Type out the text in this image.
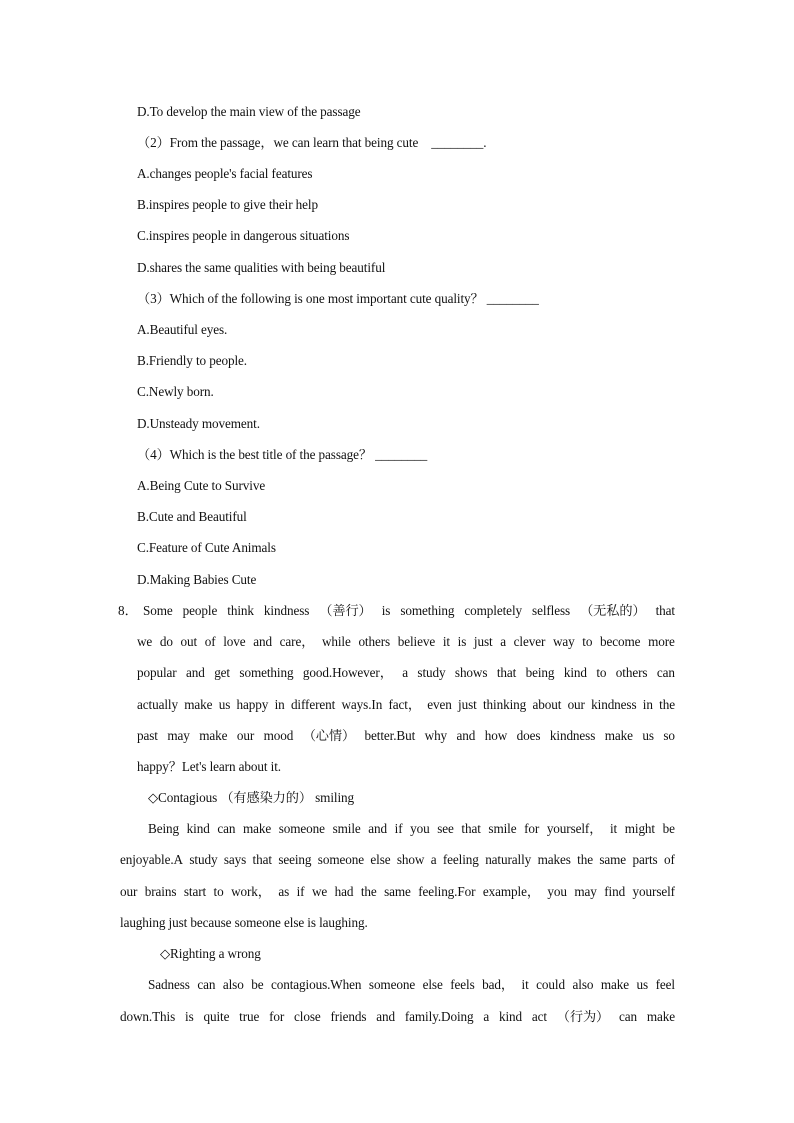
D.To develop the main view of the passage
（2）From the passage，we can learn that being cute　________.
A.changes people's facial features
B.inspires people to give their help
C.inspires people in dangerous situations
D.shares the same qualities with being beautiful
（3）Which of the following is one most important cute quality？ ________
A.Beautiful eyes.
B.Friendly to people.
C.Newly born.
D.Unsteady movement.
（4）Which is the best title of the passage？ ________
A.Being Cute to Survive
B.Cute and Beautiful
C.Feature of Cute Animals
D.Making Babies Cute
8． Some people think kindness （善行） is something completely selfless （无私的） that
we do out of love and care， while others believe it is just a clever way to become more
popular and get something good.However， a study shows that being kind to others can
actually make us happy in different ways.In fact， even just thinking about our kindness in the
past may make our mood （心情） better.But why and how does kindness make us so
happy？Let's learn about it.
◇Contagious （有感染力的） smiling
Being kind can make someone smile and if you see that smile for yourself， it might be
enjoyable.A study says that seeing someone else show a feeling naturally makes the same parts of
our brains start to work， as if we had the same feeling.For example， you may find yourself
laughing just because someone else is laughing.
◇Righting a wrong
Sadness can also be contagious.When someone else feels bad， it could also make us feel
down.This is quite true for close friends and family.Doing a kind act （行为） can make
